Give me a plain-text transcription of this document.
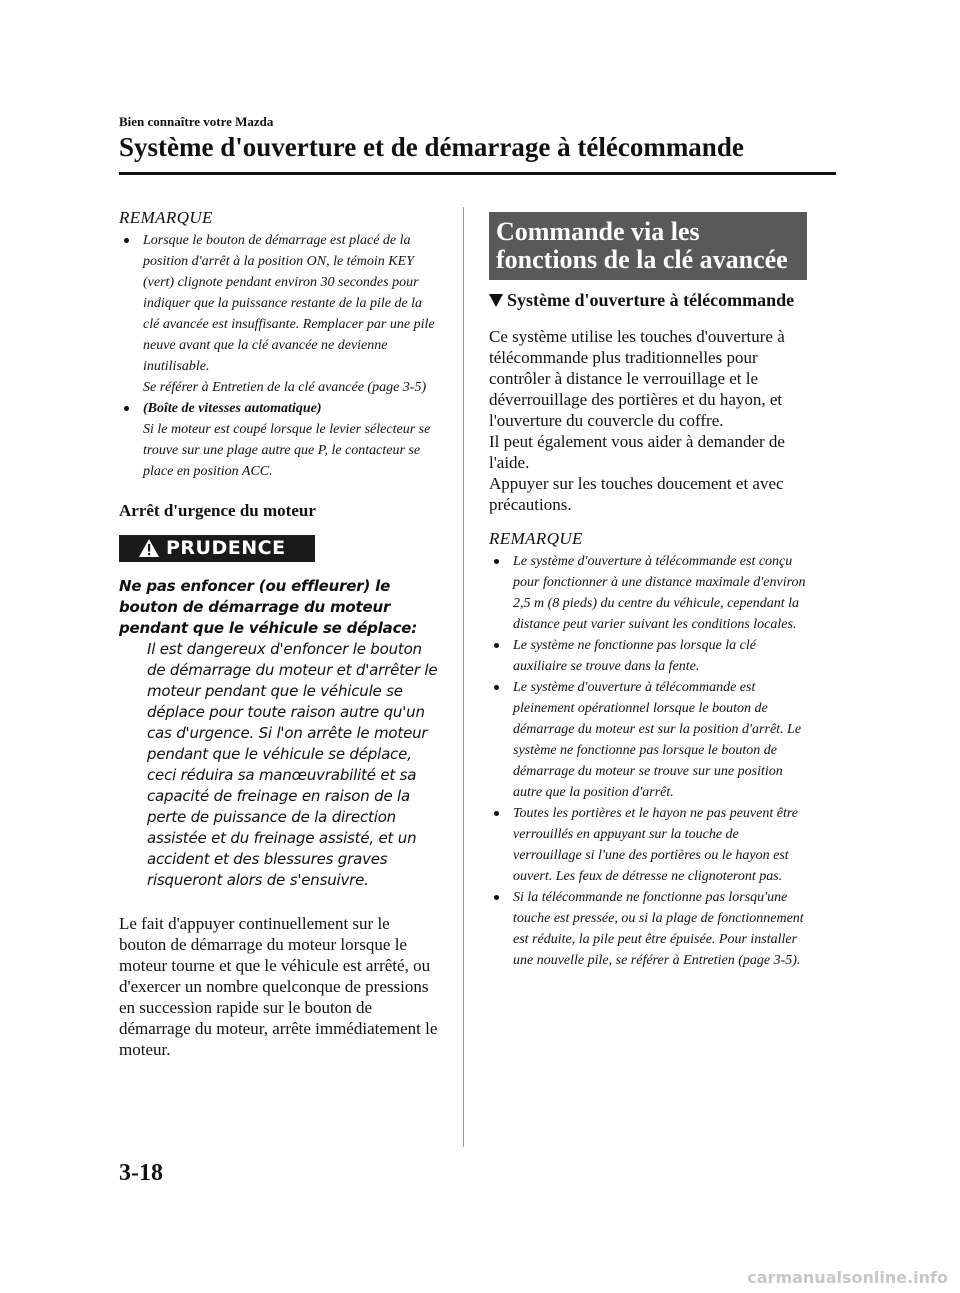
Bien connaître votre Mazda
Système d'ouverture et de démarrage à télécommande

REMARQUE

Lorsque le bouton de démarrage est placé de la position d'arrêt à la position ON, le témoin KEY (vert) clignote pendant environ 30 secondes pour indiquer que la puissance restante de la pile de la clé avancée est insuffisante. Remplacer par une pile neuve avant que la clé avancée ne devienne inutilisable.
Se référer à Entretien de la clé avancée (page 3-5)
(Boîte de vitesses automatique)
Si le moteur est coupé lorsque le levier sélecteur se trouve sur une plage autre que P, le contacteur se place en position ACC.

Arrêt d'urgence du moteur

PRUDENCE

Ne pas enfoncer (ou effleurer) le bouton de démarrage du moteur pendant que le véhicule se déplace:

Il est dangereux d'enfoncer le bouton de démarrage du moteur et d'arrêter le moteur pendant que le véhicule se déplace pour toute raison autre qu'un cas d'urgence. Si l'on arrête le moteur pendant que le véhicule se déplace, ceci réduira sa manœuvrabilité et sa capacité de freinage en raison de la perte de puissance de la direction assistée et du freinage assisté, et un accident et des blessures graves risqueront alors de s'ensuivre.

Le fait d'appuyer continuellement sur le bouton de démarrage du moteur lorsque le moteur tourne et que le véhicule est arrêté, ou d'exercer un nombre quelconque de pressions en succession rapide sur le bouton de démarrage du moteur, arrête immédiatement le moteur.

Commande via les fonctions de la clé avancée
Système d'ouverture à télécommande

Ce système utilise les touches d'ouverture à télécommande plus traditionnelles pour contrôler à distance le verrouillage et le déverrouillage des portières et du hayon, et l'ouverture du couvercle du coffre.

Il peut également vous aider à demander de l'aide.

Appuyer sur les touches doucement et avec précautions.

REMARQUE

Le système d'ouverture à télécommande est conçu pour fonctionner à une distance maximale d'environ 2,5 m (8 pieds) du centre du véhicule, cependant la distance peut varier suivant les conditions locales.
Le système ne fonctionne pas lorsque la clé auxiliaire se trouve dans la fente.
Le système d'ouverture à télécommande est pleinement opérationnel lorsque le bouton de démarrage du moteur est sur la position d'arrêt. Le système ne fonctionne pas lorsque le bouton de démarrage du moteur se trouve sur une position autre que la position d'arrêt.
Toutes les portières et le hayon ne pas peuvent être verrouillés en appuyant sur la touche de verrouillage si l'une des portières ou le hayon est ouvert. Les feux de détresse ne clignoteront pas.
Si la télécommande ne fonctionne pas lorsqu'une touche est pressée, ou si la plage de fonctionnement est réduite, la pile peut être épuisée. Pour installer une nouvelle pile, se référer à Entretien (page 3-5).
3-18
carmanualsonline.info
